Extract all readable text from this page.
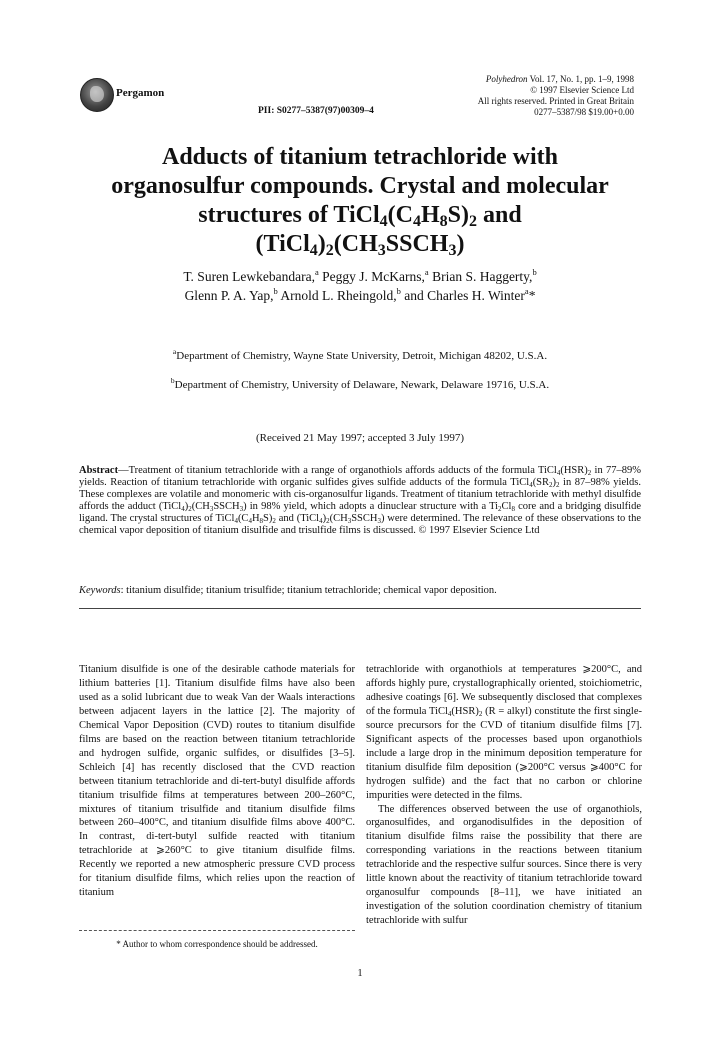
Pergamon
PII: S0277–5387(97)00309–4
Polyhedron Vol. 17, No. 1, pp. 1–9, 1998
© 1997 Elsevier Science Ltd
All rights reserved. Printed in Great Britain
0277–5387/98 $19.00+0.00
Adducts of titanium tetrachloride with
organosulfur compounds. Crystal and molecular
structures of $TiCl_4(C_4H_8S)_2$ and
$(TiCl_4)_2(CH_3SSCH_3)$
T. Suren Lewkebandara,$^a$ Peggy J. McKarns,$^a$ Brian S. Haggerty,$^b$
Glenn P. A. Yap,$^b$ Arnold L. Rheingold,$^b$ and Charles H. Winter$^a$*
$^a$Department of Chemistry, Wayne State University, Detroit, Michigan 48202, U.S.A.
$^b$Department of Chemistry, University of Delaware, Newark, Delaware 19716, U.S.A.
(Received 21 May 1997; accepted 3 July 1997)
Abstract—Treatment of titanium tetrachloride with a range of organothiols affords adducts of the formula $TiCl_4(HSR)_2$ in 77–89% yields. Reaction of titanium tetrachloride with organic sulfides gives sulfide adducts of the formula $TiCl_4(SR_2)_2$ in 87–98% yields. These complexes are volatile and monomeric with cis-organosulfur ligands. Treatment of titanium tetrachloride with methyl disulfide affords the adduct $(TiCl_4)_2(CH_3SSCH_3)$ in 98% yield, which adopts a dinuclear structure with a $Ti_2Cl_8$ core and a bridging disulfide ligand. The crystal structures of $TiCl_4(C_4H_8S)_2$ and $(TiCl_4)_2(CH_3SSCH_3)$ were determined. The relevance of these observations to the chemical vapor deposition of titanium disulfide and trisulfide films is discussed. © 1997 Elsevier Science Ltd
Keywords: titanium disulfide; titanium trisulfide; titanium tetrachloride; chemical vapor deposition.

Titanium disulfide is one of the desirable cathode materials for lithium batteries [1]. Titanium disulfide films have also been used as a solid lubricant due to weak Van der Waals interactions between adjacent layers in the lattice [2]. The majority of Chemical Vapor Deposition (CVD) routes to titanium disulfide films are based on the reaction between titanium tetrachloride and hydrogen sulfide, organic sulfides, or disulfides [3–5]. Schleich [4] has recently disclosed that the CVD reaction between titanium tetrachloride and di-tert-butyl disulfide affords titanium trisulfide films at temperatures between 200–260°C, mixtures of titanium trisulfide and titanium disulfide films between 260–400°C, and titanium disulfide films above 400°C. In contrast, di-tert-butyl sulfide reacted with titanium tetrachloride at ⩾260°C to give titanium disulfide films. Recently we reported a new atmospheric pressure CVD process for titanium disulfide films, which relies upon the reaction of titanium

tetrachloride with organothiols at temperatures ⩾200°C, and affords highly pure, crystallographically oriented, stoichiometric, adhesive coatings [6]. We subsequently disclosed that complexes of the formula $TiCl_4(HSR)_2$ (R = alkyl) constitute the first single-source precursors for the CVD of titanium disulfide films [7]. Significant aspects of the processes based upon organothiols include a large drop in the minimum deposition temperature for titanium disulfide film deposition (⩾200°C versus ⩾400°C for hydrogen sulfide) and the fact that no carbon or chlorine impurities were detected in the films.

The differences observed between the use of organothiols, organosulfides, and organodisulfides in the deposition of titanium disulfide films raise the possibility that there are corresponding variations in the reactions between titanium tetrachloride and the respective sulfur sources. Since there is very little known about the reactivity of titanium tetrachloride toward organosulfur compounds [8–11], we have initiated an investigation of the solution coordination chemistry of titanium tetrachloride with sulfur

* Author to whom correspondence should be addressed.
1
